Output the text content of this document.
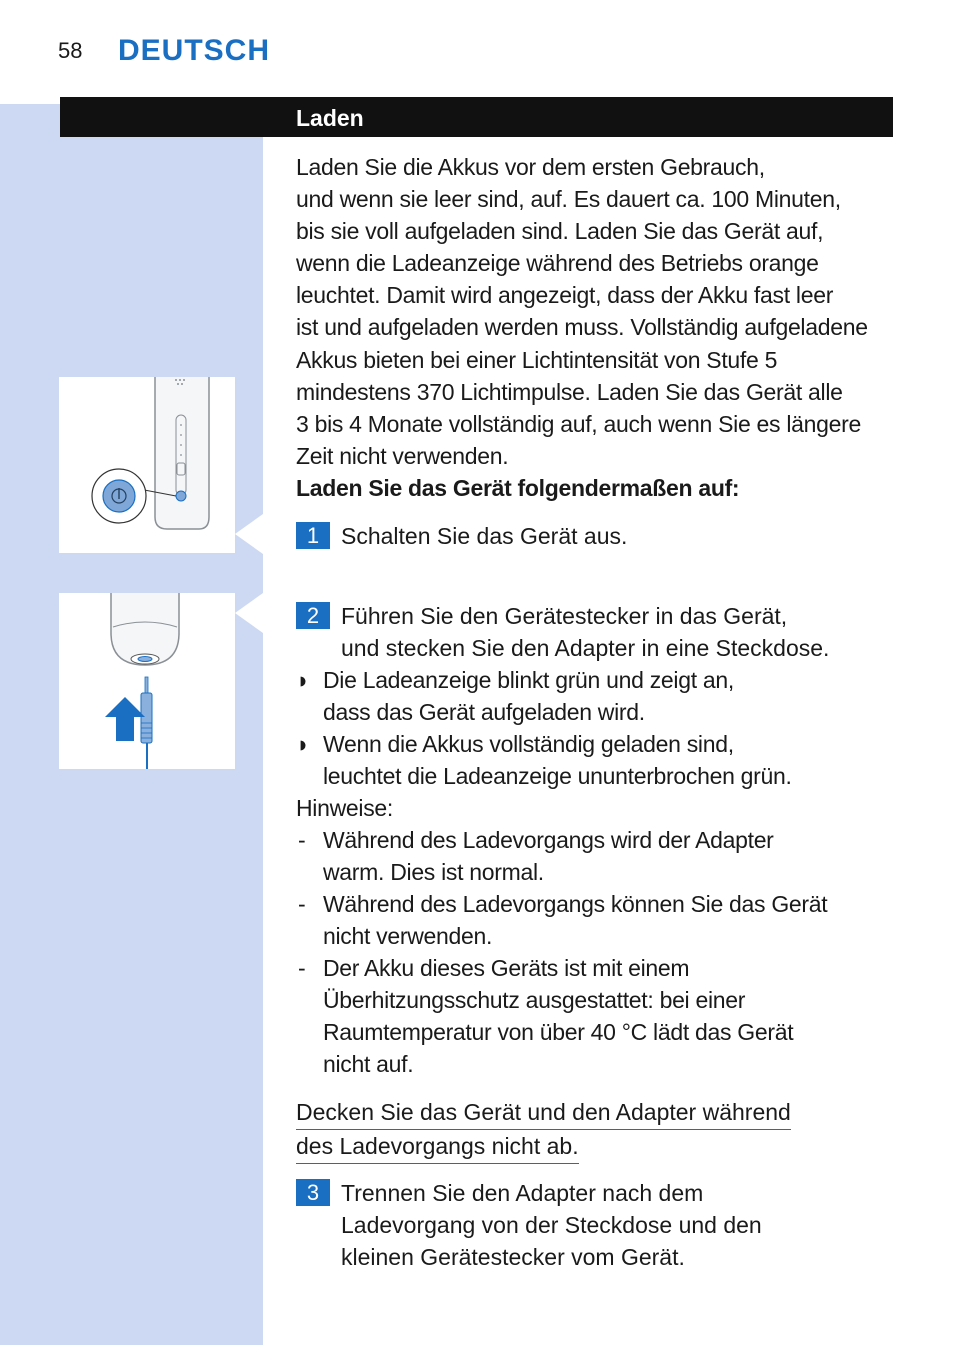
58 DEUTSCH
Laden

Laden Sie die Akkus vor dem ersten Gebrauch,

und wenn sie leer sind, auf. Es dauert ca. 100 Minuten,

bis sie voll aufgeladen sind. Laden Sie das Gerät auf,

wenn die Ladeanzeige während des Betriebs orange

leuchtet. Damit wird angezeigt, dass der Akku fast leer

ist und aufgeladen werden muss. Vollständig aufgeladene

Akkus bieten bei einer Lichtintensität von Stufe 5

mindestens 370 Lichtimpulse. Laden Sie das Gerät alle

3 bis 4 Monate vollständig auf, auch wenn Sie es längere

Zeit nicht verwenden.

Laden Sie das Gerät folgendermaßen auf:

1 Schalten Sie das Gerät aus.
2 Führen Sie den Gerätestecker in das Gerät,
und stecken Sie den Adapter in eine Steckdose.
◗ Die Ladeanzeige blinkt grün und zeigt an,
dass das Gerät aufgeladen wird.
◗ Wenn die Akkus vollständig geladen sind,
leuchtet die Ladeanzeige ununterbrochen grün.
Hinweise:
- Während des Ladevorgangs wird der Adapter
warm. Dies ist normal.
- Während des Ladevorgangs können Sie das Gerät
nicht verwenden.
- Der Akku dieses Geräts ist mit einem
Überhitzungsschutz ausgestattet: bei einer
Raumtemperatur von über 40 °C lädt das Gerät
nicht auf.
Decken Sie das Gerät und den Adapter während
des Ladevorgangs nicht ab.
3 Trennen Sie den Adapter nach dem
Ladevorgang von der Steckdose und den
kleinen Gerätestecker vom Gerät.
